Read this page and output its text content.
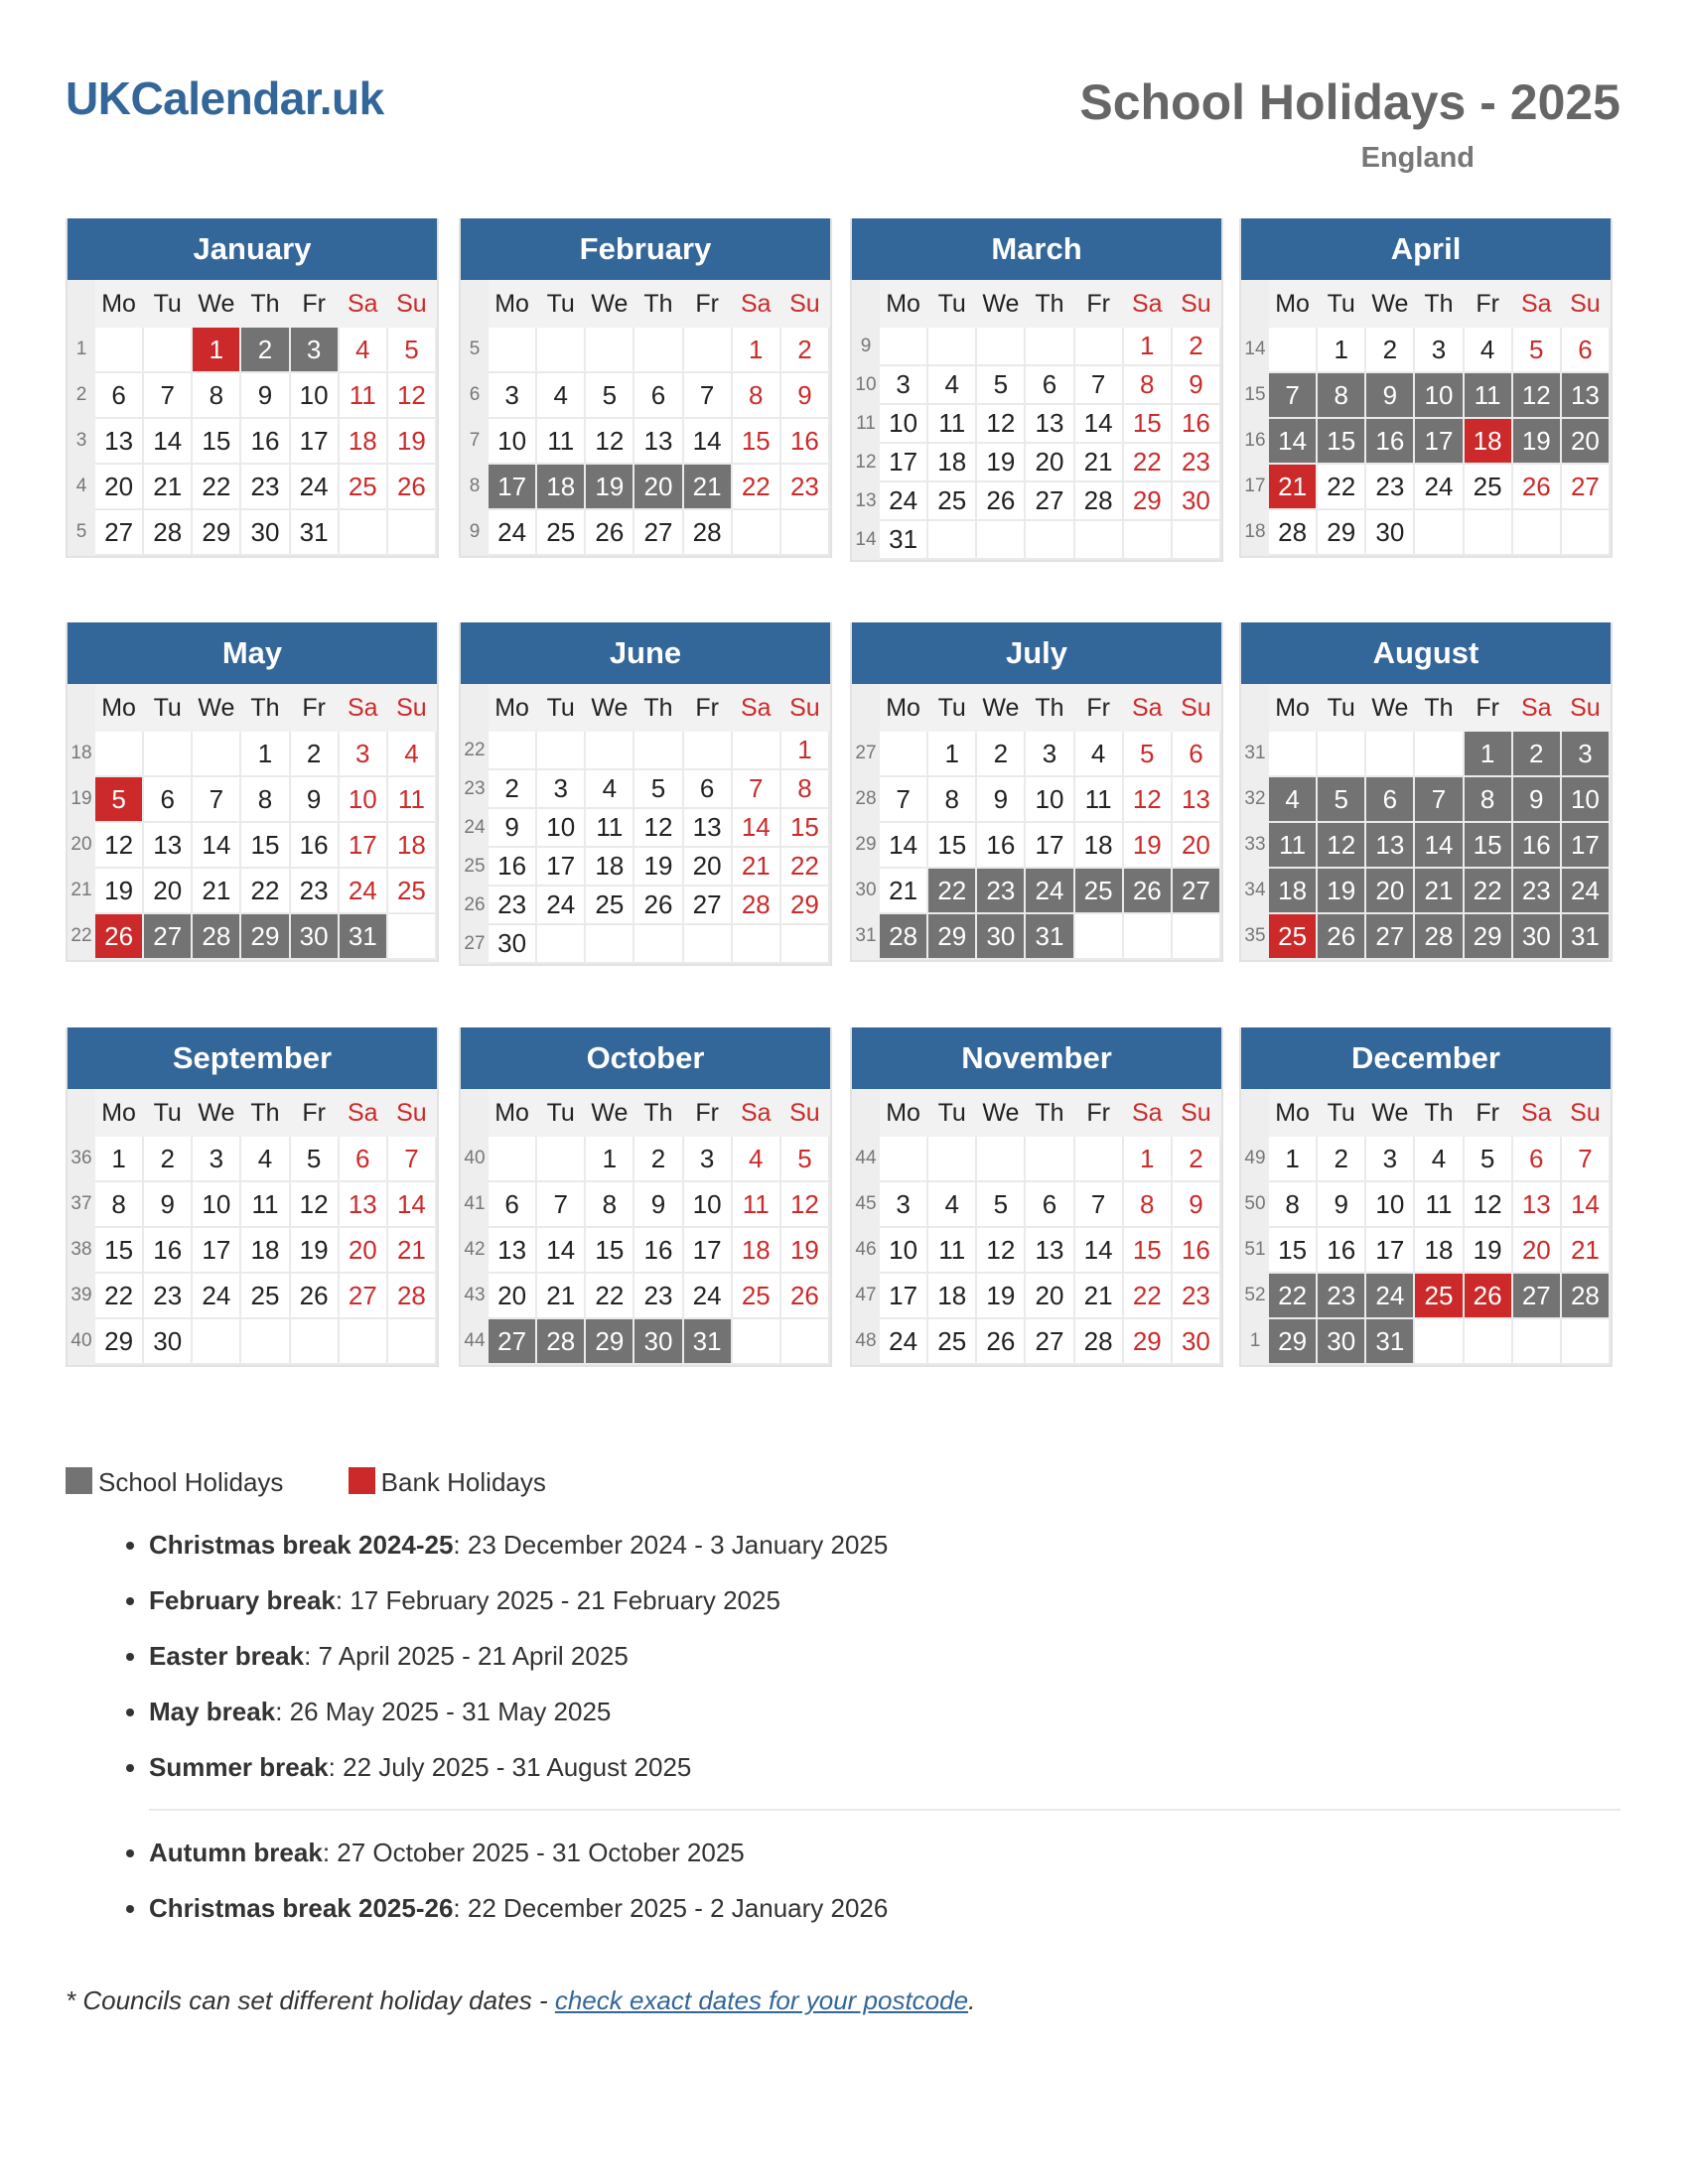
UKCalendar.uk	School Holidays - 2025
England
January
	Mo	Tu	We	Th	Fr	Sa	Su
1			1	2	3	4	5
2	6	7	8	9	10	11	12
3	13	14	15	16	17	18	19
4	20	21	22	23	24	25	26
5	27	28	29	30	31		
February
	Mo	Tu	We	Th	Fr	Sa	Su
5						1	2
6	3	4	5	6	7	8	9
7	10	11	12	13	14	15	16
8	17	18	19	20	21	22	23
9	24	25	26	27	28		
March
	Mo	Tu	We	Th	Fr	Sa	Su
9						1	2
10	3	4	5	6	7	8	9
11	10	11	12	13	14	15	16
12	17	18	19	20	21	22	23
13	24	25	26	27	28	29	30
14	31						
April
	Mo	Tu	We	Th	Fr	Sa	Su
14		1	2	3	4	5	6
15	7	8	9	10	11	12	13
16	14	15	16	17	18	19	20
17	21	22	23	24	25	26	27
18	28	29	30				
May
	Mo	Tu	We	Th	Fr	Sa	Su
18				1	2	3	4
19	5	6	7	8	9	10	11
20	12	13	14	15	16	17	18
21	19	20	21	22	23	24	25
22	26	27	28	29	30	31	
June
	Mo	Tu	We	Th	Fr	Sa	Su
22							1
23	2	3	4	5	6	7	8
24	9	10	11	12	13	14	15
25	16	17	18	19	20	21	22
26	23	24	25	26	27	28	29
27	30						
July
	Mo	Tu	We	Th	Fr	Sa	Su
27		1	2	3	4	5	6
28	7	8	9	10	11	12	13
29	14	15	16	17	18	19	20
30	21	22	23	24	25	26	27
31	28	29	30	31			
August
	Mo	Tu	We	Th	Fr	Sa	Su
31					1	2	3
32	4	5	6	7	8	9	10
33	11	12	13	14	15	16	17
34	18	19	20	21	22	23	24
35	25	26	27	28	29	30	31
September
	Mo	Tu	We	Th	Fr	Sa	Su
36	1	2	3	4	5	6	7
37	8	9	10	11	12	13	14
38	15	16	17	18	19	20	21
39	22	23	24	25	26	27	28
40	29	30					
October
	Mo	Tu	We	Th	Fr	Sa	Su
40			1	2	3	4	5
41	6	7	8	9	10	11	12
42	13	14	15	16	17	18	19
43	20	21	22	23	24	25	26
44	27	28	29	30	31		
November
	Mo	Tu	We	Th	Fr	Sa	Su
44						1	2
45	3	4	5	6	7	8	9
46	10	11	12	13	14	15	16
47	17	18	19	20	21	22	23
48	24	25	26	27	28	29	30
December
	Mo	Tu	We	Th	Fr	Sa	Su
49	1	2	3	4	5	6	7
50	8	9	10	11	12	13	14
51	15	16	17	18	19	20	21
52	22	23	24	25	26	27	28
1	29	30	31				
School Holidays	Bank Holidays
• Christmas break 2024-25: 23 December 2024 - 3 January 2025
• February break: 17 February 2025 - 21 February 2025
• Easter break: 7 April 2025 - 21 April 2025
• May break: 26 May 2025 - 31 May 2025
• Summer break: 22 July 2025 - 31 August 2025
• Autumn break: 27 October 2025 - 31 October 2025
• Christmas break 2025-26: 22 December 2025 - 2 January 2026
* Councils can set different holiday dates - check exact dates for your postcode.
